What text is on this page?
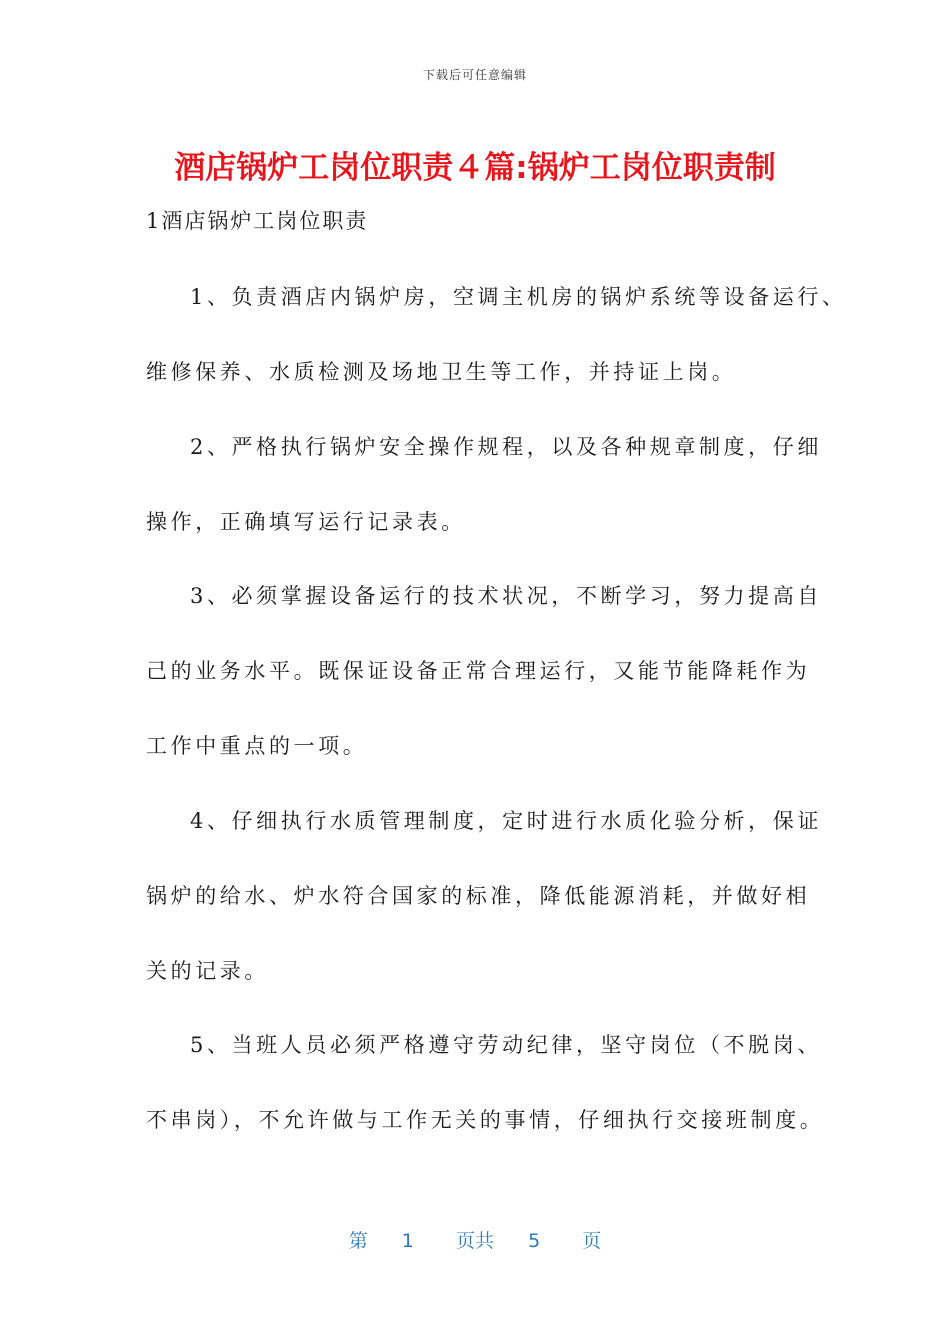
下载后可任意编辑
酒店锅炉工岗位职责４篇:锅炉工岗位职责制
1酒店锅炉工岗位职责
1、负责酒店内锅炉房，空调主机房的锅炉系统等设备运行、
维修保养、水质检测及场地卫生等工作，并持证上岗。
2、严格执行锅炉安全操作规程，以及各种规章制度，仔细
操作，正确填写运行记录表。
3、必须掌握设备运行的技术状况，不断学习，努力提高自
己的业务水平。既保证设备正常合理运行，又能节能降耗作为
工作中重点的一项。
4、仔细执行水质管理制度，定时进行水质化验分析，保证
锅炉的给水、炉水符合国家的标准，降低能源消耗，并做好相
关的记录。
5、当班人员必须严格遵守劳动纪律，坚守岗位（不脱岗、
不串岗），不允许做与工作无关的事情，仔细执行交接班制度。
第 1 页共 5 页
